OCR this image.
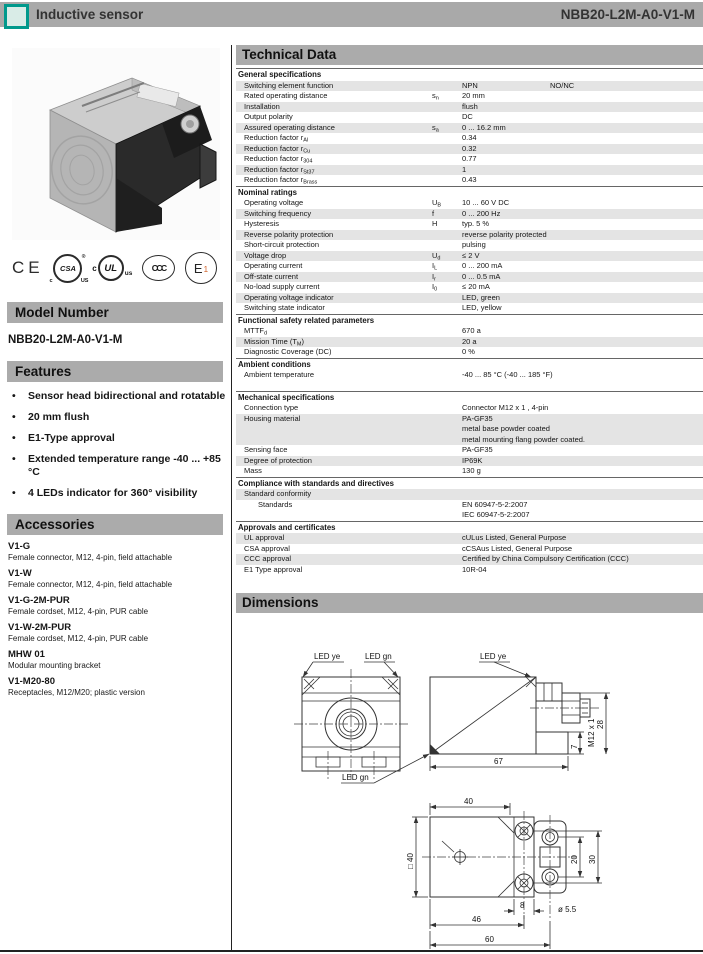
Inductive sensor	NBB20-L2M-A0-V1-M
CE CSA
®
c	US
c UL us
CCC E 1
Model Number
NBB20-L2M-A0-V1-M
Features
• Sensor head bidirectional and rotatable
• 20 mm flush
• E1-Type approval
• Extended temperature range -40 ... +85 °C
• 4 LEDs indicator for 360° visibility
Accessories
V1-G
Female connector, M12, 4-pin, field attachable
V1-W
Female connector, M12, 4-pin, field attachable
V1-G-2M-PUR
Female cordset, M12, 4-pin, PUR cable
V1-W-2M-PUR
Female cordset, M12, 4-pin, PUR cable
MHW 01
Modular mounting bracket
V1-M20-80
Receptacles, M12/M20; plastic version
Technical Data
General specifications
Switching element function	NPN	NO/NC
Rated operating distance	$s_n$	20 mm
Installation	flush
Output polarity	DC
Assured operating distance	$s_a$	0 ... 16.2 mm
Reduction factor $r_{Al}$	0.34
Reduction factor $r_{Cu}$	0.32
Reduction factor $r_{304}$	0.77
Reduction factor $r_{St37}$	1
Reduction factor $r_{Brass}$	0.43
Nominal ratings
Operating voltage	$U_B$	10 ... 60 V DC
Switching frequency	f	0 ... 200 Hz
Hysteresis	H	typ. 5 %
Reverse polarity protection	reverse polarity protected
Short-circuit protection	pulsing
Voltage drop	$U_d$	≤ 2 V
Operating current	$I_L$	0 ... 200 mA
Off-state current	$I_r$	0 ... 0.5 mA
No-load supply current	$I_0$	≤ 20 mA
Operating voltage indicator	LED, green
Switching state indicator	LED, yellow
Functional safety related parameters
$MTTF_d$	670 a
Mission Time $(T_M)$	20 a
Diagnostic Coverage (DC)	0 %
Ambient conditions
Ambient temperature	-40 ... 85 °C (-40 ... 185 °F)
Mechanical specifications
Connection type	Connector M12 x 1 , 4-pin
Housing material	PA-GF35
metal base powder coated
metal mounting flang powder coated.
Sensing face	PA-GF35
Degree of protection	IP69K
Mass	130 g
Compliance with standards and directives
Standard conformity
Standards	EN 60947-5-2:2007
IEC 60947-5-2:2007
Approvals and certificates
UL approval	cULus Listed, General Purpose
CSA approval	cCSAus Listed, General Purpose
CCC approval	Certified by China Compulsory Certification (CCC)
E1 Type approval	10R-04
Dimensions
LED ye	LED gn	LED ye
LED gn
67
7 M12 x 1 28
40
□ 40	20 30
8	ø 5.5
46
60
